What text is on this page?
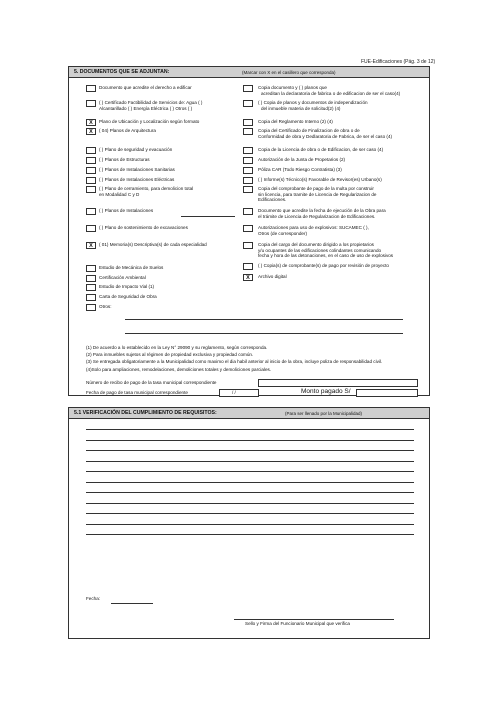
FUE-Edificaciones (Pág. 3 de 12)
5. DOCUMENTOS QUE SE ADJUNTAN:	(Marcar con X en el casillero que corresponda)
Documento que acredite el derecho a edificar
( ) Certificado Factibilidad de Servicios de: Agua ( )
Alcantarillado ( ) Energía Eléctrica ( ) Otros ( )
X	Plano de Ubicación y Localización según formato
X	( 04) Planos de Arquitectura
( ) Plano de seguridad y evacuación
( ) Planos de Estructuras
( ) Planos de Instalaciones Sanitarias
( ) Planos de Instalaciones Eléctricas
( ) Plano de cerramiento, para demolicion total
en Modalidad C y D
( ) Planos de Instalaciones
( ) Plano de sostenimiento de excavaciones
X	( 01) Memoria(s) Descriptiva(s) de cada especialidad
Estudio de Mecánica de Suelos
Certificación Ambiental
Estudio de Impacto Vial (1)
Carta de Seguridad de Obra
Otros:
Copia documento y ( ) planos que
acreditan la declaratoria de fabrica o de edificacion de ser el caso(4)
( ) Copia de planos y documentos de independización
del inmueble materia de solicitud(2) (4)
Copia del Reglamento Interno (2) (4)
Copia del Certificado de Finalizacion de obra o de
Conformidad de obra y Dedlaratoria de Fabrica, de ser el caso (4)
Copia de la Licencia de obra o de Edificacion, de ser caso (4)
Autorización de la Junta de Propetarios (2)
Póliza CAR (Todo Riesgo Contratista) (3)
( ) Informe(s) Técnico(s) Favorable de Revisor(es) Urbano(s)
Copia del comprobante de pago de la multa por construir
sin licencia, para tramite de Licencia de Regularizacion de
Edificaciones.
Documento que acredite la fecha de ejecución de la Obra para
el trámite de Licencia de Regularizacion de Edificaciones.
Autorizaciones para uso de explosivos: SUCAMEC ( ),
Otros (de corresponder)
Copia del cargo del documento dirigido a los propietarios
y/u ocupantes de las edificaciones colindantes comunicando
fecha y hora de las detonaciones, en el caso de uso de explosivos
( ) Copia(s) de comprobante(s) de pago por revisión de proyecto
X	Archivo digital
(1) De acuerdo a lo establecido en la Ley N° 29090 y su reglamento, según corresponda.
(2) Para inmuebles sujetos al régimen de propiedad exclusiva y propiedad común.
(3) Se entregada obligatoriamente a la Municipalidad como maximo el dia habil anterior al inicio de la obra, incluye poliza de responsabilidad civil.
(4)Solo para ampliaciones, remodelaciones, demoliciones totales y demoliciones parciales.
Número de recibo de pago de la tasa municipal correspondiente
Fecha de pago de tasa municipal correspondiente	/ /	Monto pagado S/
5.1 VERIFICACIÓN DEL CUMPLIMIENTO DE REQUISITOS:	(Para ser llenado por la Municipalidad)
Fecha:
Sello y Firma del Funcionario Municipal que verifica
